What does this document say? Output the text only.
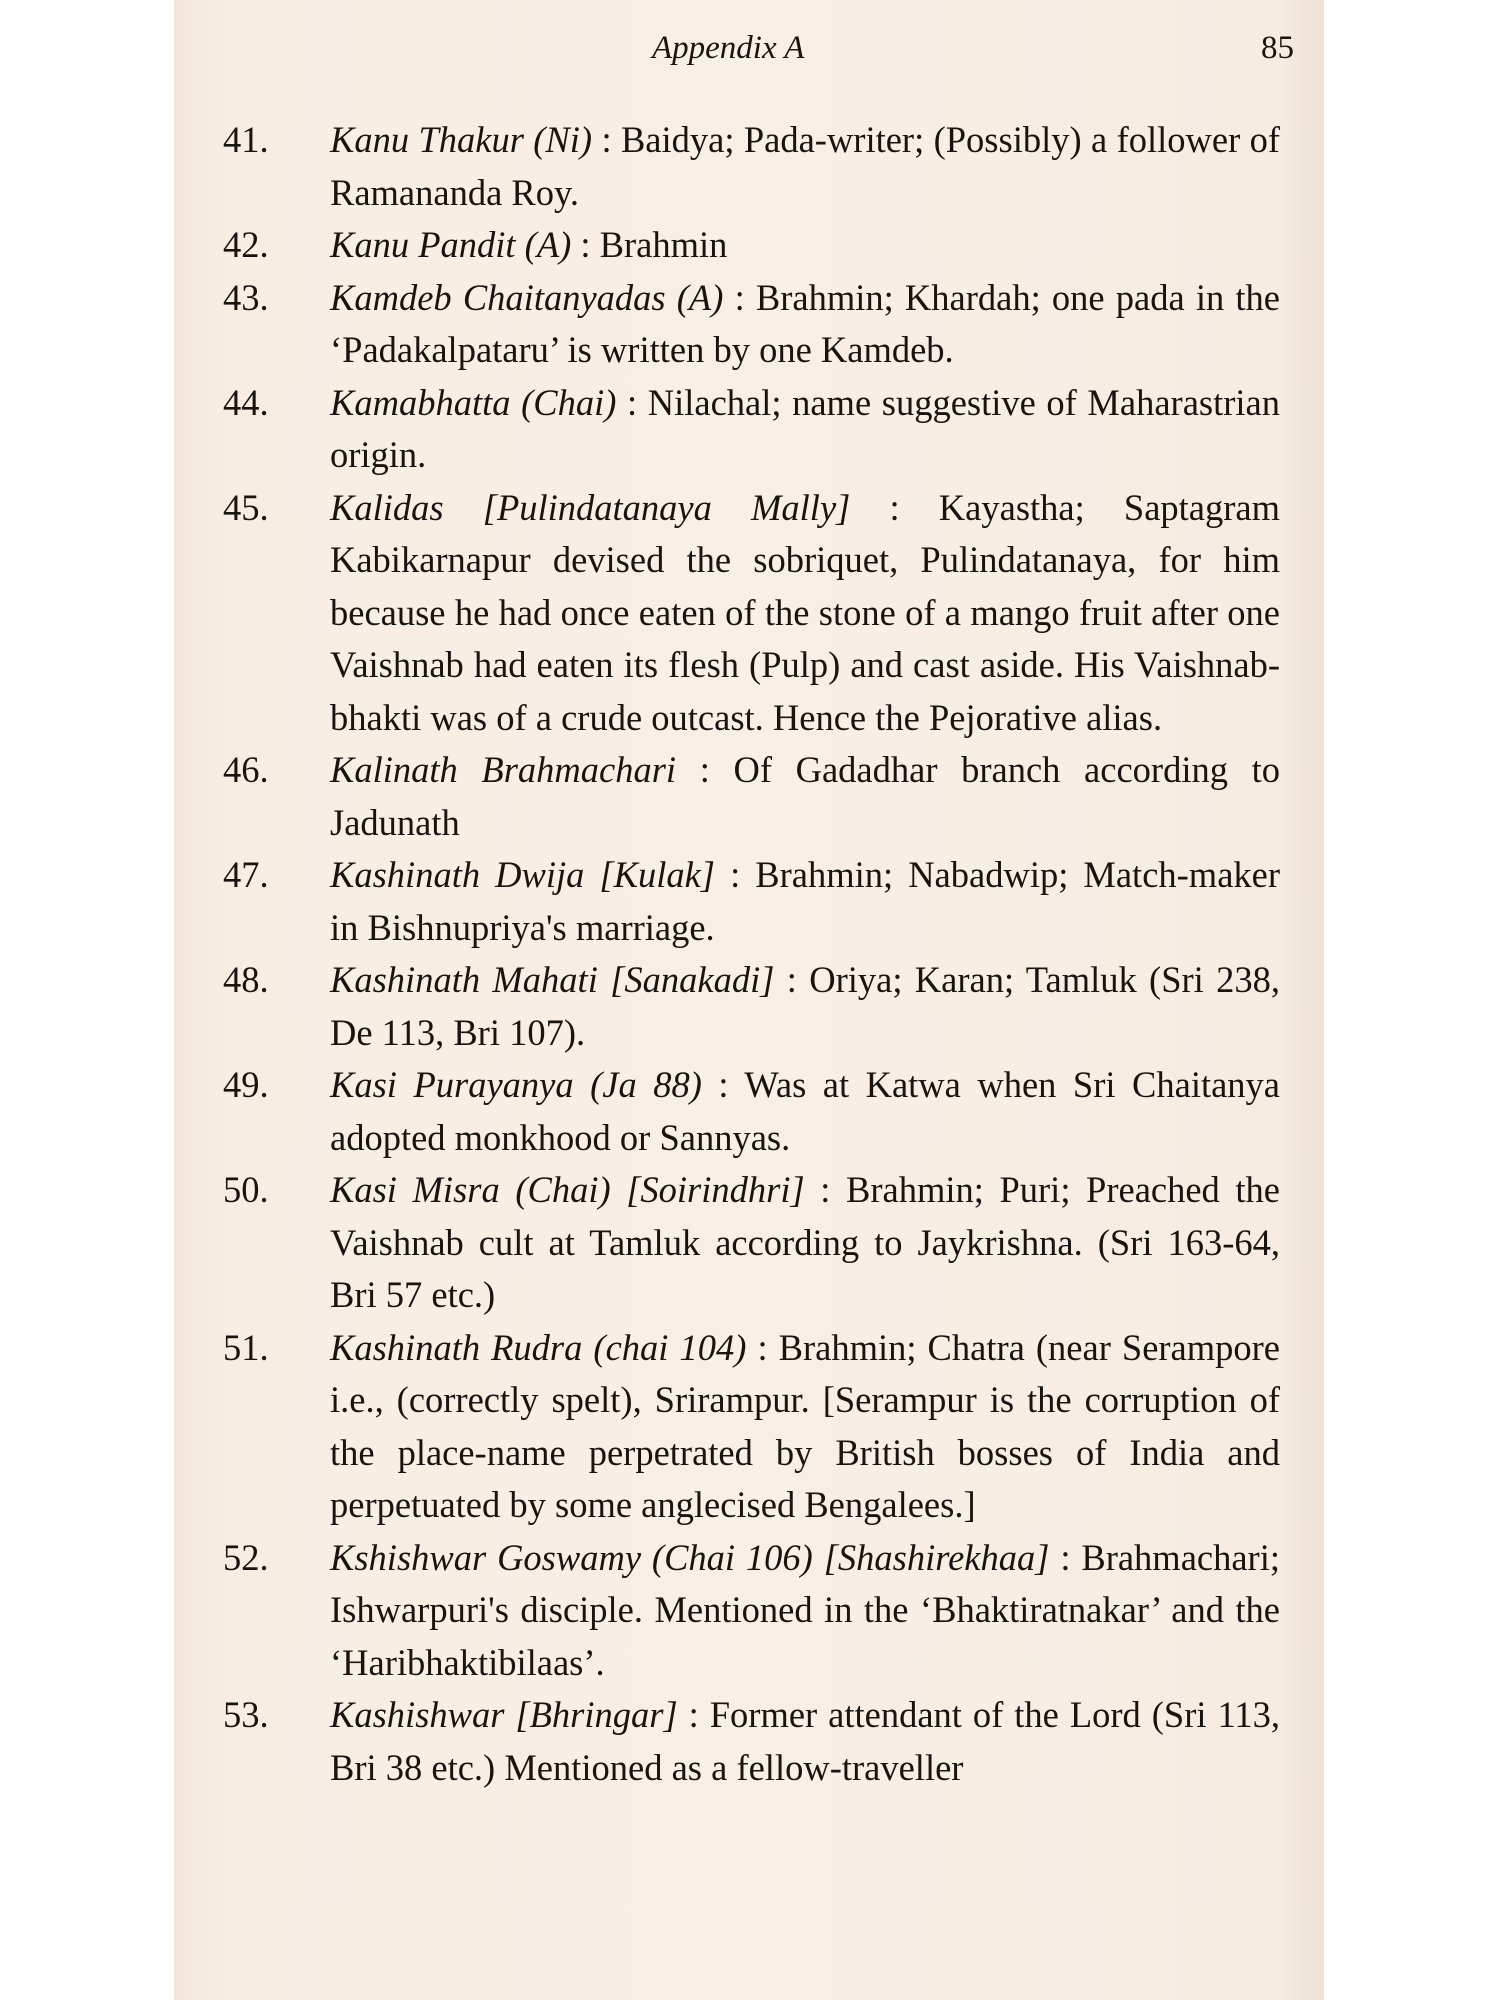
Appendix A	85
41.	Kanu Thakur (Ni) : Baidya; Pada-writer; (Possibly) a follower of Ramananda Roy.
42.	Kanu Pandit (A) : Brahmin
43.	Kamdeb Chaitanyadas (A) : Brahmin; Khardah; one pada in the ‘Padakalpataru’ is written by one Kamdeb.
44.	Kamabhatta (Chai) : Nilachal; name suggestive of Maharastrian origin.
45.	Kalidas [Pulindatanaya Mally] : Kayastha; Saptagram Kabikarnapur devised the sobriquet, Pulindatanaya, for him because he had once eaten of the stone of a mango fruit after one Vaishnab had eaten its flesh (Pulp) and cast aside. His Vaishnab-bhakti was of a crude outcast. Hence the Pejorative alias.
46.	Kalinath Brahmachari : Of Gadadhar branch according to Jadunath
47.	Kashinath Dwija [Kulak] : Brahmin; Nabadwip; Match-maker in Bishnupriya's marriage.
48.	Kashinath Mahati [Sanakadi] : Oriya; Karan; Tamluk (Sri 238, De 113, Bri 107).
49.	Kasi Purayanya (Ja 88) : Was at Katwa when Sri Chaitanya adopted monkhood or Sannyas.
50.	Kasi Misra (Chai) [Soirindhri] : Brahmin; Puri; Preached the Vaishnab cult at Tamluk according to Jaykrishna. (Sri 163-64, Bri 57 etc.)
51.	Kashinath Rudra (chai 104) : Brahmin; Chatra (near Serampore i.e., (correctly spelt), Srirampur. [Serampur is the corruption of the place-name perpetrated by British bosses of India and perpetuated by some anglecised Bengalees.]
52.	Kshishwar Goswamy (Chai 106) [Shashirekhaa] : Brahmachari; Ishwarpuri's disciple. Mentioned in the ‘Bhaktiratnakar’ and the ‘Haribhaktibilaas’.
53.	Kashishwar [Bhringar] : Former attendant of the Lord (Sri 113, Bri 38 etc.) Mentioned as a fellow-traveller
